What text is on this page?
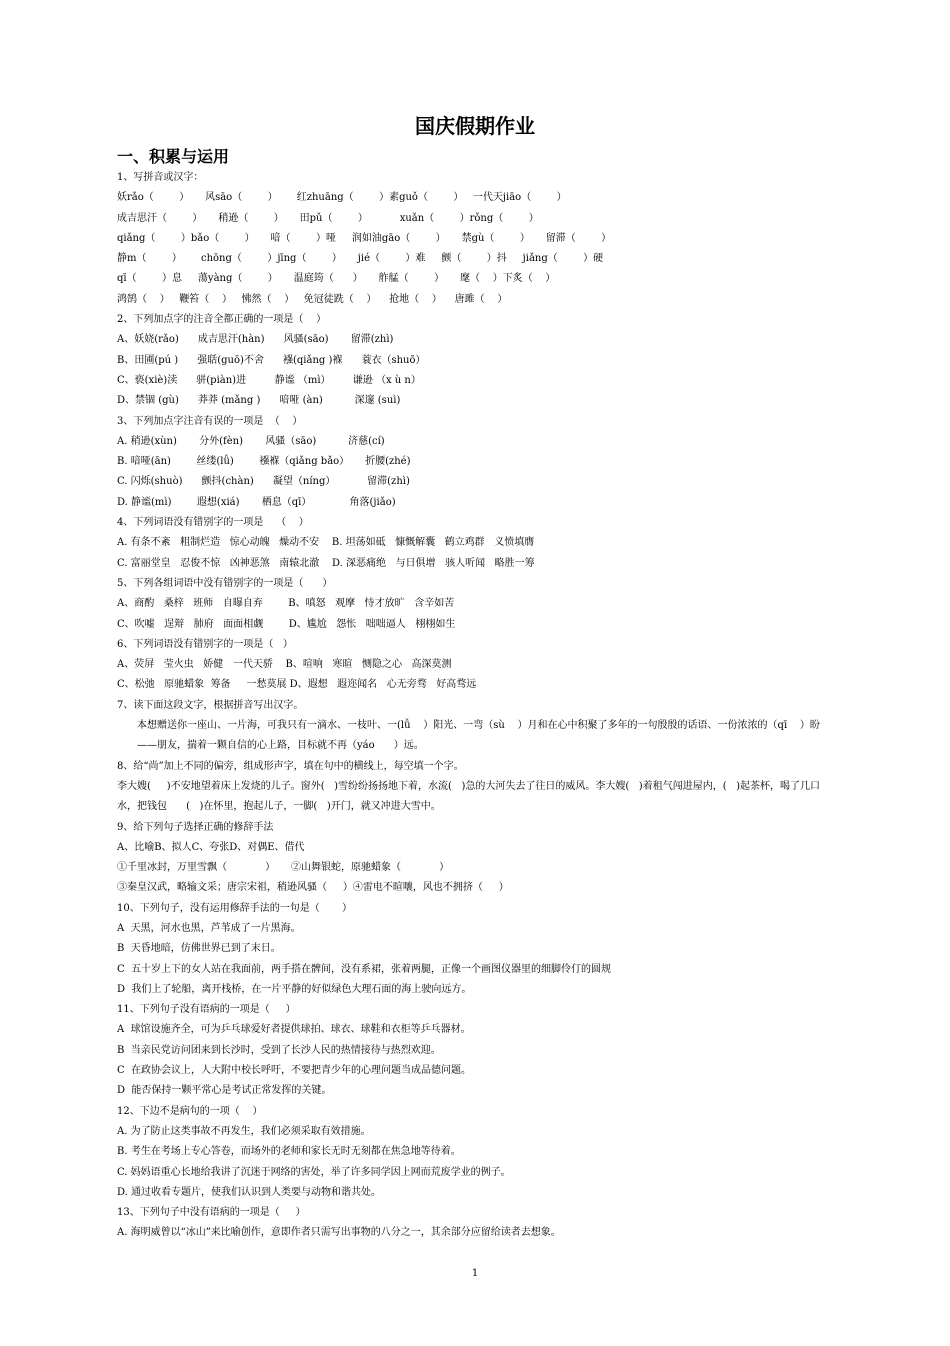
国庆假期作业
一、积累与运用
1、写拼音或汉字：
妖rǎo（        ）     风sāo（        ）      红zhuāng（        ）素guǒ（        ）   一代天jiāo（        ）
成吉思汗（        ）     稍逊（        ）     田pǔ（        ）          xuǎn（        ）rǒng（        ）
qiǎng（        ）bǎo（        ）     喑（        ）哑     润如油gāo（        ）     禁gù（        ）     留滞（        ）
静m（        ）      chōng（        ）jīng（        ）     jié（        ）难     颤（        ）抖     jiǎng（        ）硬
qī（        ）息     蕩yàng（        ）     温庭筠（      ）     舴艋（        ）     麾（    ）下炙（    ）
鸿鹄（    ）   鞭笞（    ）   怫然（    ）   免冠徒跣（    ）    抢地（    ）    唐雎（    ）
2、下列加点字的注音全都正确的一项是（    ）
A、妖娆(rǎo)      成吉思汗(hàn)      风骚(sāo)       留滞(zhì)
B、田圃(pú )      强聒(guō)不舍      襁(qiǎng )褓      蓑衣（shuō）
C、亵(xiè)渎      骈(piàn)进         静谧 （mì）       谦逊 （x ù n）
D、禁锢 (gù)      莽莽 (mǎng )      喑哑 (àn)          深邃 (suì)
3、下列加点字注音有误的一项是  （    ）
A. 稍逊(xùn)       分外(fèn)       风骚（sāo)          济慈(cí)
B. 喑哑(ān)        丝缕(lǚ)        襁褓（qiǎng bǎo）     折腰(zhé)
C. 闪烁(shuò)      颤抖(chàn)      凝望（níng）          留滞(zhì)
D. 静谧(mì)        遐想(xiá)       栖息（qī）            角落(jiǎo)
4、下列词语没有错别字的一项是    （    ）
A. 有条不紊   粗制烂造   惊心动魄   燥动不安    B. 坦荡如砥   慷慨解囊   鹤立鸡群   义愤填膺
C. 富丽堂皇   忍俊不惊   凶神恶煞   南辕北澈    D. 深恶痛绝   与日俱增   骇人听闻   略胜一筹
5、下列各组词语中没有错别字的一项是（      ）
A、商酌   桑梓   班师   自曝自弃        B、嗔怒   观摩   恃才放旷   含辛如苦
C、吹嘘   逞辩   肺府   面面相觑        D、尴尬   怨怅   咄咄逼人   栩栩如生
6、下列词语没有错别字的一项是（   ）
A、荧屏   莹火虫   娇健   一代天骄    B、喧响   寒暄   恻隐之心   高深莫测
C、松弛   原驰蜡象  筹备     一愁莫展 D、遐想   遐迩闻名   心无旁骛   好高骛远
7、读下面这段文字，根据拼音写出汉字。
本想赠送你一座山、一片海，可我只有一滴水、一枝叶、一(lǚ    ）阳光、一弯（sù    ）月和在心中积聚了多年的一句殷殷的话语、一份浓浓的（qī    ）盼——朋友，揣着一颗自信的心上路，目标就不再（yáo      ）远。
8、给“尚”加上不同的偏旁，组成形声字，填在句中的横线上，每空填一个字。
李大嫂(     )不安地望着床上发烧的儿子。窗外(   )雪纷纷扬扬地下着，水流(   )急的大河失去了往日的威风。李大嫂(   )着租气闯进屋内，(   )起茶杯，喝了几口水，把钱包      (   )在怀里，抱起儿子，一脚(   )开门，就又冲进大雪中。
9、给下列句子选择正确的修辞手法
A、比喻B、拟人C、夸张D、对偶E、借代
①千里冰封，万里雪飘（            ）     ②山舞银蛇，原驰蜡象（            ）
③秦皇汉武，略输文采；唐宗宋祖，稍逊风骚（     ）④雷电不暄嚷，风也不拥挤（     ）
10、下列句子，没有运用修辞手法的一句是（       ）
A  天黑，河水也黑，芦苇成了一片黑海。
B  天昏地暗，仿佛世界已到了末日。
C  五十岁上下的女人站在我面前，两手搭在髀间，没有系裙，张着两腿，正像一个画图仪器里的细脚伶仃的圆规
D  我们上了轮船，离开栈桥，在一片平静的好似绿色大理石面的海上驶向远方。
11、下列句子没有语病的一项是（     ）
A  球馆设施齐全，可为乒乓球爱好者提供球拍、球衣、球鞋和衣柜等乒乓器材。
B  当亲民党访问团来到长沙时，受到了长沙人民的热情接待与热烈欢迎。
C  在政协会议上，人大附中校长呼吁，不要把青少年的心理问题当成品德问题。
D  能否保持一颗平常心是考试正常发挥的关键。
12、下边不是病句的一项（    ）
A. 为了防止这类事故不再发生，我们必须采取有效措施。
B. 考生在考场上专心答卷，而场外的老师和家长无时无刻都在焦急地等待着。
C. 妈妈语重心长地给我讲了沉迷于网络的害处，举了许多同学因上网而荒废学业的例子。
D. 通过收看专题片，使我们认识到人类要与动物和谐共处。
13、下列句子中没有语病的一项是（     ）
A. 海明威曾以“冰山”来比喻创作，意即作者只需写出事物的八分之一，其余部分应留给读者去想象。
1
